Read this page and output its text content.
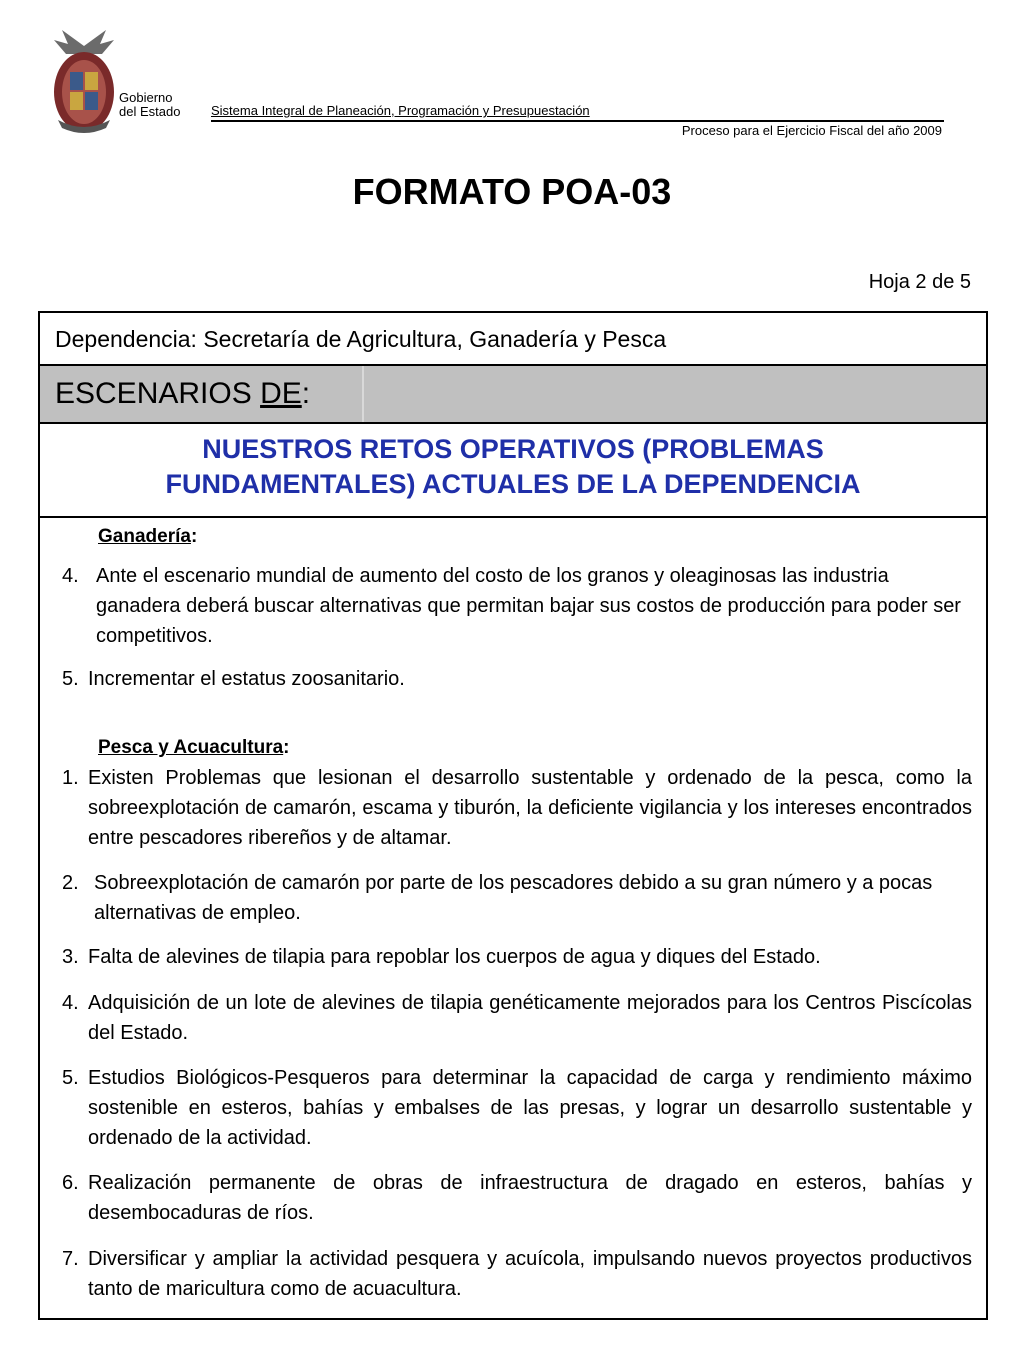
Gobierno
del Estado Sistema Integral de Planeación, Programación y Presupuestación
Proceso para el Ejercicio Fiscal del año 2009
FORMATO POA-03
Hoja 2 de 5
Dependencia: Secretaría de Agricultura, Ganadería y Pesca
ESCENARIOS DE:
NUESTROS RETOS OPERATIVOS (PROBLEMAS
FUNDAMENTALES) ACTUALES DE LA DEPENDENCIA
Ganadería:
4. Ante el escenario mundial de aumento del costo de los granos y oleaginosas las industria ganadera deberá buscar alternativas que permitan bajar sus costos de producción para poder ser competitivos.
5. Incrementar el estatus zoosanitario.
Pesca y Acuacultura:
1. Existen Problemas que lesionan el desarrollo sustentable y ordenado de la pesca, como la sobreexplotación de camarón, escama y tiburón, la deficiente vigilancia y los intereses encontrados entre pescadores ribereños y de altamar.
2. Sobreexplotación de camarón por parte de los pescadores debido a su gran número y a pocas alternativas de empleo.
3. Falta de alevines de tilapia para repoblar los cuerpos de agua y diques del Estado.
4. Adquisición de un lote de alevines de tilapia genéticamente mejorados para los Centros Piscícolas del Estado.
5. Estudios Biológicos-Pesqueros para determinar la capacidad de carga y rendimiento máximo sostenible en esteros, bahías y embalses de las presas, y lograr un desarrollo sustentable y ordenado de la actividad.
6. Realización permanente de obras de infraestructura de dragado en esteros, bahías y desembocaduras de ríos.
7. Diversificar y ampliar la actividad pesquera y acuícola, impulsando nuevos proyectos productivos tanto de maricultura como de acuacultura.
